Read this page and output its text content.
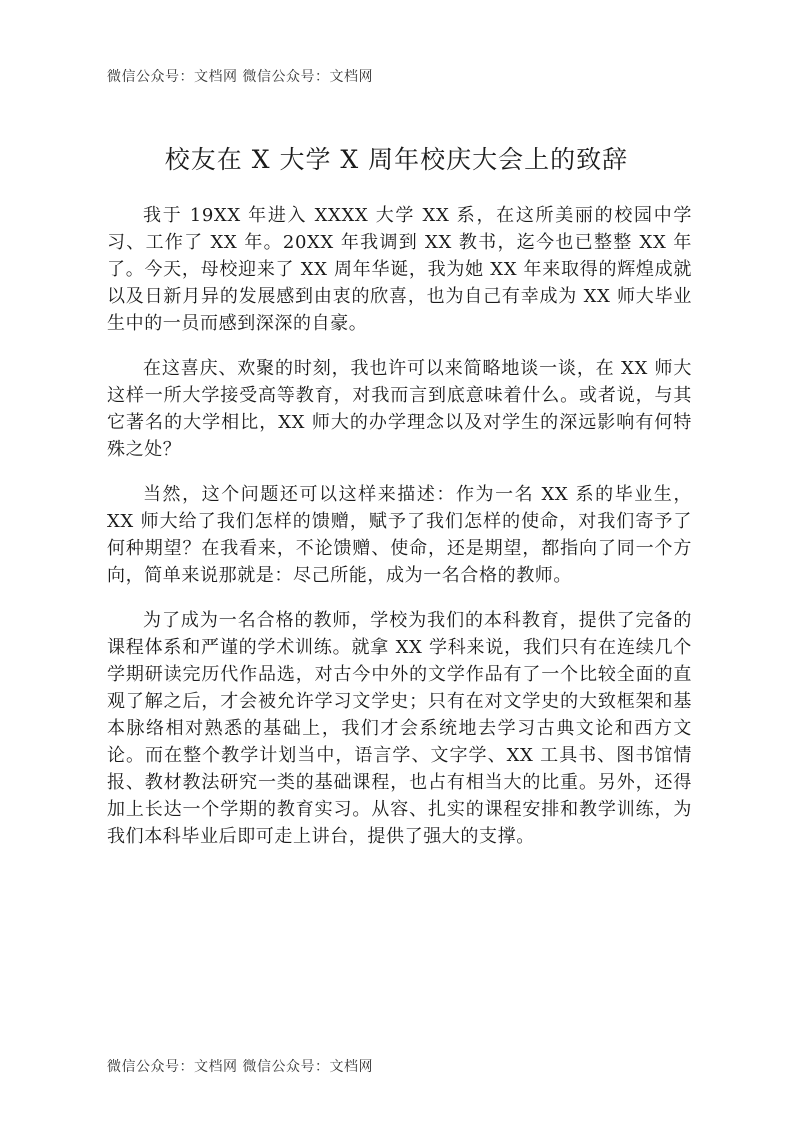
微信公众号：文档网 微信公众号：文档网
校友在 X 大学 X 周年校庆大会上的致辞

我于 19XX 年进入 XXXX 大学 XX 系，在这所美丽的校园中学习、工作了 XX 年。20XX 年我调到 XX 教书，迄今也已整整 XX 年了。今天，母校迎来了 XX 周年华诞，我为她 XX 年来取得的辉煌成就以及日新月异的发展感到由衷的欣喜，也为自己有幸成为 XX 师大毕业生中的一员而感到深深的自豪。

在这喜庆、欢聚的时刻，我也许可以来简略地谈一谈，在 XX 师大这样一所大学接受高等教育，对我而言到底意味着什么。或者说，与其它著名的大学相比，XX 师大的办学理念以及对学生的深远影响有何特殊之处？

当然，这个问题还可以这样来描述：作为一名 XX 系的毕业生，XX 师大给了我们怎样的馈赠，赋予了我们怎样的使命，对我们寄予了何种期望？在我看来，不论馈赠、使命，还是期望，都指向了同一个方向，简单来说那就是：尽己所能，成为一名合格的教师。

为了成为一名合格的教师，学校为我们的本科教育，提供了完备的课程体系和严谨的学术训练。就拿 XX 学科来说，我们只有在连续几个学期研读完历代作品选，对古今中外的文学作品有了一个比较全面的直观了解之后，才会被允许学习文学史；只有在对文学史的大致框架和基本脉络相对熟悉的基础上，我们才会系统地去学习古典文论和西方文论。而在整个教学计划当中，语言学、文字学、XX 工具书、图书馆情报、教材教法研究一类的基础课程，也占有相当大的比重。另外，还得加上长达一个学期的教育实习。从容、扎实的课程安排和教学训练，为我们本科毕业后即可走上讲台，提供了强大的支撑。

微信公众号：文档网 微信公众号：文档网
